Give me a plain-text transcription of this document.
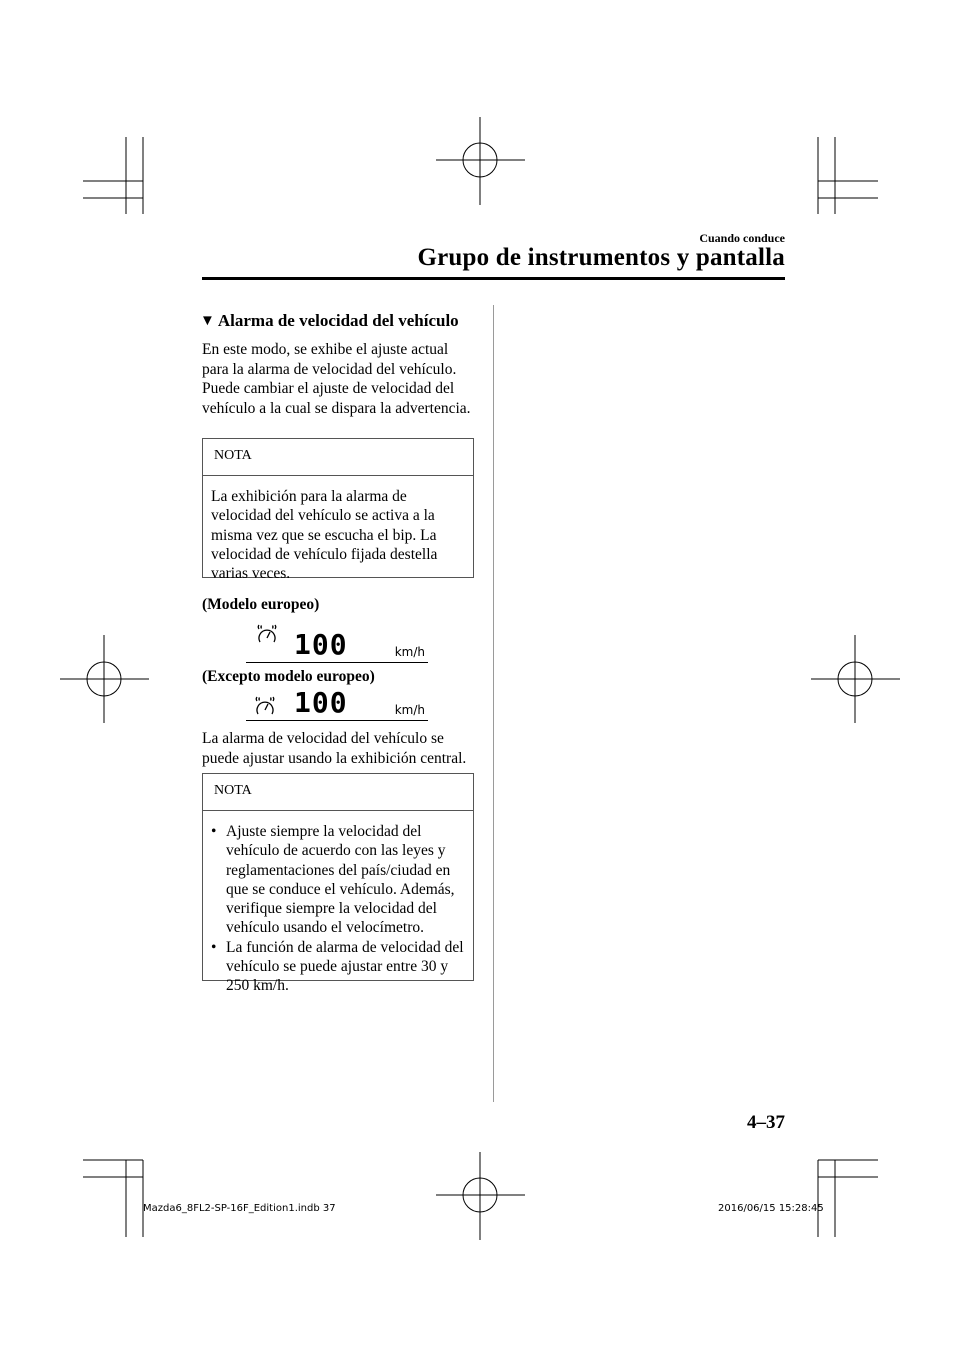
Cuando conduce
Grupo de instrumentos y pantalla
▼ Alarma de velocidad del vehículo
En este modo, se exhibe el ajuste actual para la alarma de velocidad del vehículo. Puede cambiar el ajuste de velocidad del vehículo a la cual se dispara la advertencia.
NOTA
La exhibición para la alarma de velocidad del vehículo se activa a la misma vez que se escucha el bip. La velocidad de vehículo fijada destella varias veces.
(Modelo europeo)
100	km/h
(Excepto modelo europeo)
100	km/h
La alarma de velocidad del vehículo se puede ajustar usando la exhibición central.
NOTA
• Ajuste siempre la velocidad del vehículo de acuerdo con las leyes y reglamentaciones del país/ciudad en que se conduce el vehículo. Además, verifique siempre la velocidad del vehículo usando el velocímetro.
• La función de alarma de velocidad del vehículo se puede ajustar entre 30 y 250 km/h.
4–37
Mazda6_8FL2-SP-16F_Edition1.indb 37	2016/06/15 15:28:45
